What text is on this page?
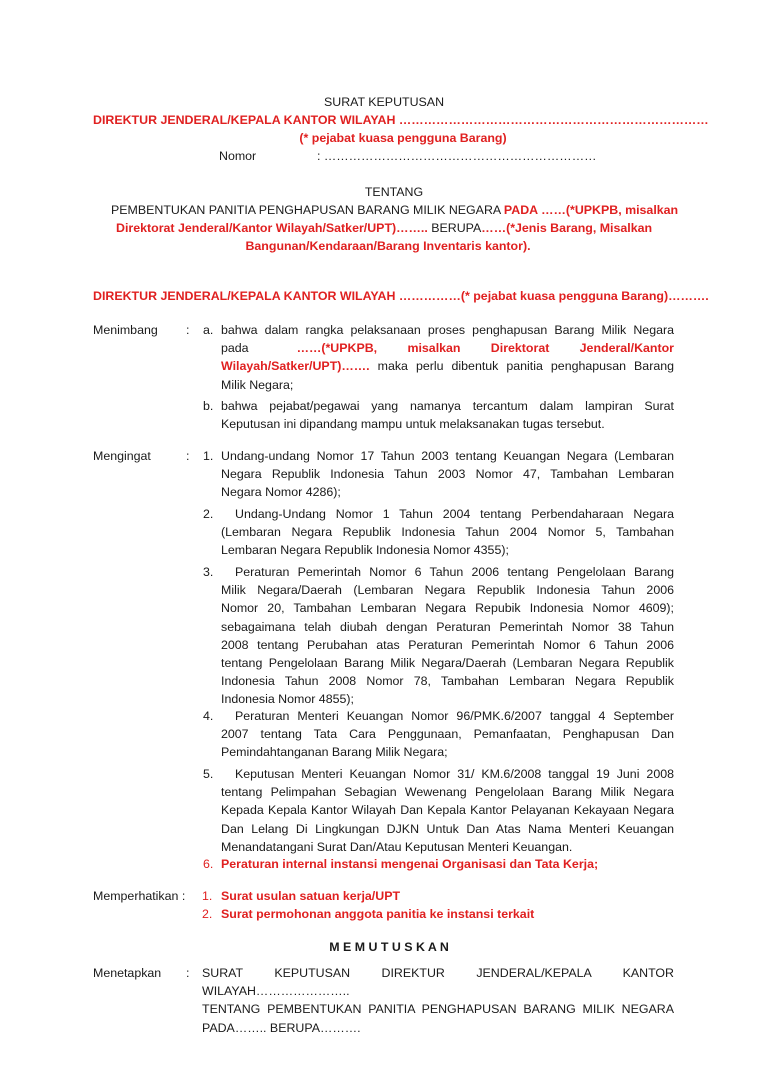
SURAT KEPUTUSAN
DIREKTUR JENDERAL/KEPALA KANTOR WILAYAH …………………………………………………………………
(* pejabat kuasa pengguna Barang)
Nomor	: …………………………………………………………
TENTANG
PEMBENTUKAN PANITIA PENGHAPUSAN BARANG MILIK NEGARA PADA ……(*UPKPB, misalkan
Direktorat Jenderal/Kantor Wilayah/Satker/UPT)…….. BERUPA……(*Jenis Barang, Misalkan
Bangunan/Kendaraan/Barang Inventaris kantor).
DIREKTUR JENDERAL/KEPALA KANTOR WILAYAH ……………(* pejabat kuasa pengguna Barang)……….
Menimbang : a. bahwa dalam rangka pelaksanaan proses penghapusan Barang Milik Negara
pada	……(*UPKPB, misalkan Direktorat Jenderal/Kantor
Wilayah/Satker/UPT)……. maka perlu dibentuk panitia penghapusan Barang
Milik Negara;
b. bahwa pejabat/pegawai yang namanya tercantum dalam lampiran Surat
Keputusan ini dipandang mampu untuk melaksanakan tugas tersebut.
Mengingat	: 1. Undang-undang Nomor 17 Tahun 2003 tentang Keuangan Negara (Lembaran
Negara Republik Indonesia Tahun 2003 Nomor 47, Tambahan Lembaran
Negara Nomor 4286);
2.	Undang-Undang Nomor 1 Tahun 2004 tentang Perbendaharaan Negara
(Lembaran Negara Republik Indonesia Tahun 2004 Nomor 5, Tambahan
Lembaran Negara Republik Indonesia Nomor 4355);
3.	Peraturan Pemerintah Nomor 6 Tahun 2006 tentang Pengelolaan Barang
Milik Negara/Daerah (Lembaran Negara Republik Indonesia Tahun 2006
Nomor 20, Tambahan Lembaran Negara Repubik Indonesia Nomor 4609);
sebagaimana telah diubah dengan Peraturan Pemerintah Nomor 38 Tahun
2008 tentang Perubahan atas Peraturan Pemerintah Nomor 6 Tahun 2006
tentang Pengelolaan Barang Milik Negara/Daerah (Lembaran Negara Republik
Indonesia Tahun 2008 Nomor 78, Tambahan Lembaran Negara Republik
Indonesia Nomor 4855);
4.	Peraturan Menteri Keuangan Nomor 96/PMK.6/2007 tanggal 4 September
2007 tentang Tata Cara Penggunaan, Pemanfaatan, Penghapusan Dan
Pemindahtanganan Barang Milik Negara;
5.	Keputusan Menteri Keuangan Nomor 31/ KM.6/2008 tanggal 19 Juni 2008
tentang Pelimpahan Sebagian Wewenang Pengelolaan Barang Milik Negara
Kepada Kepala Kantor Wilayah Dan Kepala Kantor Pelayanan Kekayaan Negara
Dan Lelang Di Lingkungan DJKN Untuk Dan Atas Nama Menteri Keuangan
Menandatangani Surat Dan/Atau Keputusan Menteri Keuangan.
6. Peraturan internal instansi mengenai Organisasi dan Tata Kerja;
Memperhatikan : 1. Surat usulan satuan kerja/UPT
2. Surat permohonan anggota panitia ke instansi terkait
M E M U T U S K A N
Menetapkan : SURAT KEPUTUSAN DIREKTUR JENDERAL/KEPALA KANTOR WILAYAH…………………..
TENTANG PEMBENTUKAN PANITIA PENGHAPUSAN BARANG MILIK NEGARA
PADA…….. BERUPA……….
